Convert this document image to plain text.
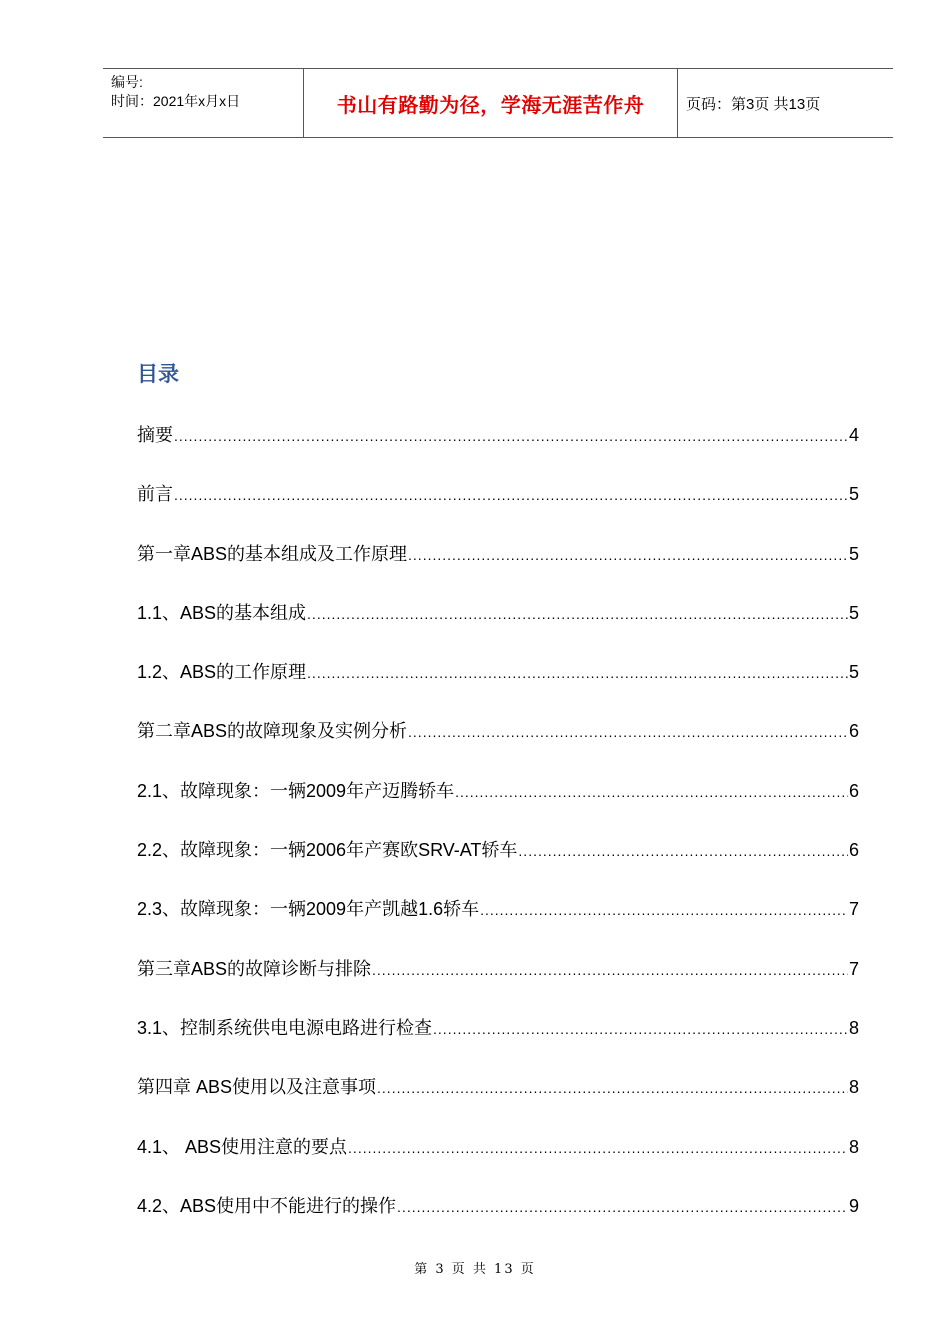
编号:
时间：2021年x月x日	书山有路勤为径，学海无涯苦作舟	页码：第3页 共13页
目录
摘要 .....	4
前言 .....	5
第一章ABS的基本组成及工作原理 .....	5
1.1、ABS的基本组成 .....	5
1.2、ABS的工作原理 .....	5
第二章ABS的故障现象及实例分析 .....	6
2.1、故障现象：一辆2009年产迈腾轿车 .....	6
2.2、故障现象：一辆2006年产赛欧SRV-AT轿车 .....	6
2.3、故障现象：一辆2009年产凯越1.6轿车 .....	7
第三章ABS的故障诊断与排除 .....	7
3.1、控制系统供电电源电路进行检查 .....	8
第四章 ABS使用以及注意事项 .....	8
4.1、 ABS使用注意的要点 .....	8
4.2、ABS使用中不能进行的操作 .....	9
第 3 页 共 13 页
